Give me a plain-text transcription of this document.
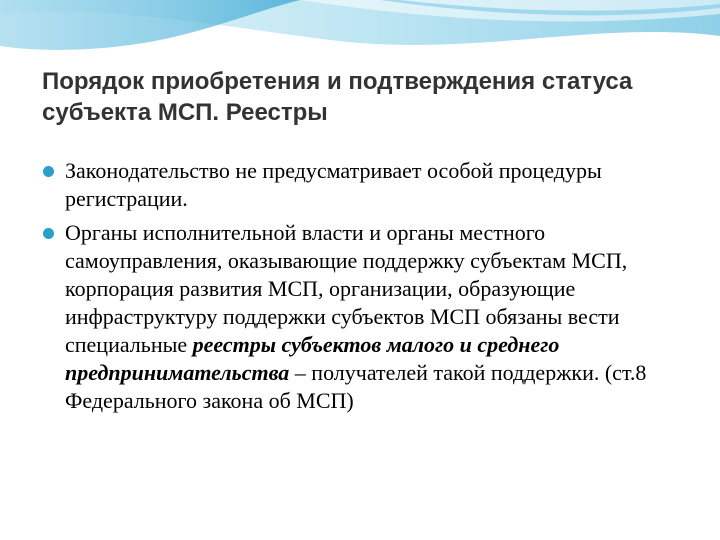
Порядок приобретения и подтверждения статуса субъекта МСП. Реестры
Законодательство не предусматривает особой процедуры регистрации.
Органы исполнительной власти и органы местного самоуправления, оказывающие поддержку субъектам МСП, корпорация развития МСП, организации, образующие инфраструктуру поддержки субъектов МСП обязаны вести специальные реестры субъектов малого и среднего предпринимательства – получателей такой поддержки. (ст.8 Федерального закона об МСП)
